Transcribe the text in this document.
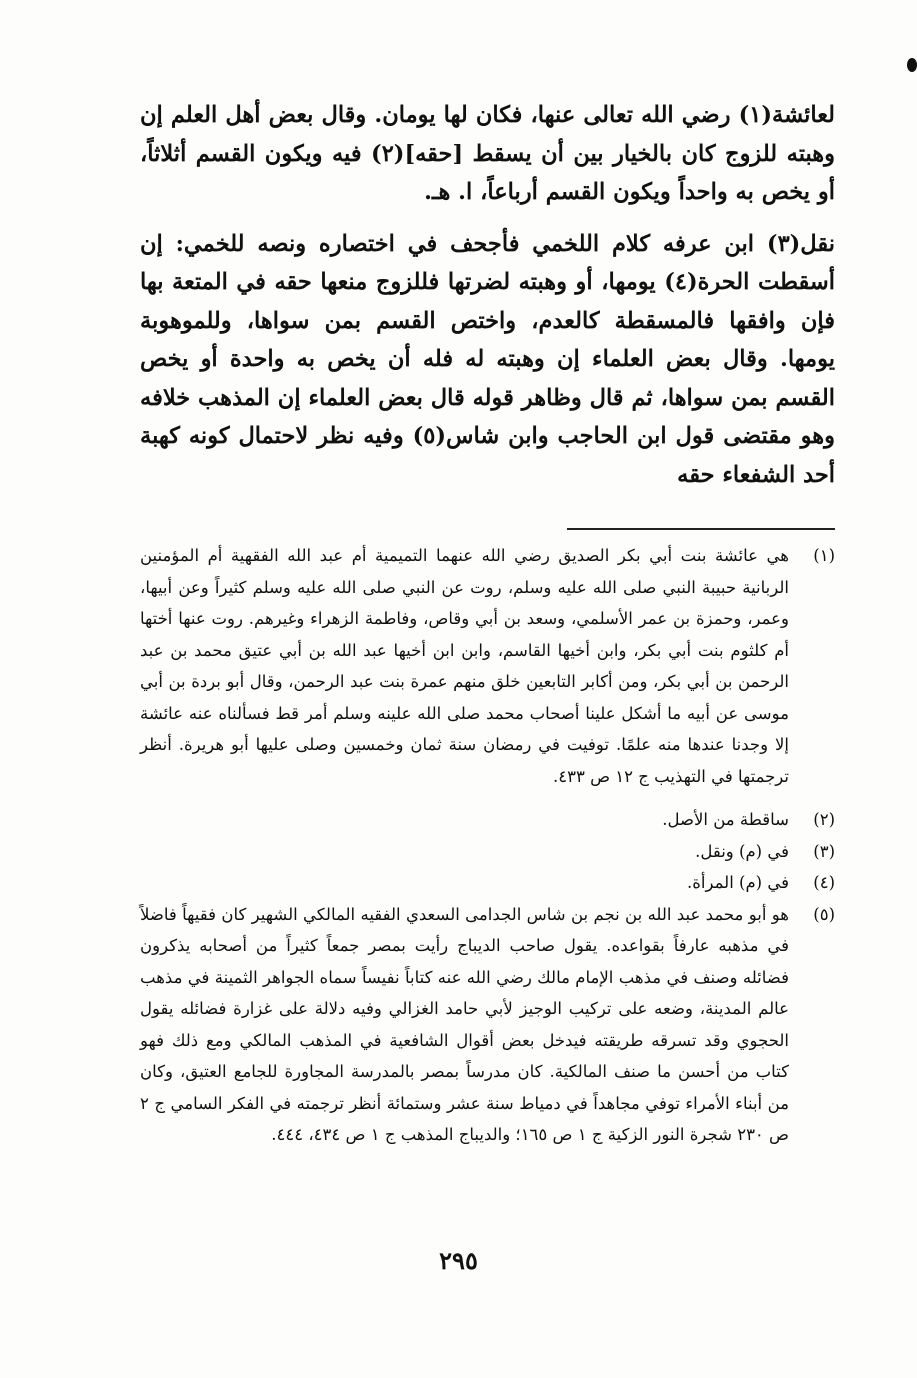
لعائشة(١) رضي الله تعالى عنها، فكان لها يومان. وقال بعض أهل العلم إن وهبته للزوج كان بالخيار بين أن يسقط [حقه](٢) فيه ويكون القسم أثلاثاً، أو يخص به واحداً ويكون القسم أرباعاً، ا. هـ.

نقل(٣) ابن عرفه كلام اللخمي فأجحف في اختصاره ونصه للخمي: إن أسقطت الحرة(٤) يومها، أو وهبته لضرتها فللزوج منعها حقه في المتعة بها فإن وافقها فالمسقطة كالعدم، واختص القسم بمن سواها، وللموهوبة يومها. وقال بعض العلماء إن وهبته له فله أن يخص به واحدة أو يخص القسم بمن سواها، ثم قال وظاهر قوله قال بعض العلماء إن المذهب خلافه وهو مقتضى قول ابن الحاجب وابن شاس(٥) وفيه نظر لاحتمال كونه كهبة أحد الشفعاء حقه

(١)
هي عائشة بنت أبي بكر الصديق رضي الله عنهما التميمية أم عبد الله الفقهية أم المؤمنين الربانية حبيبة النبي صلى الله عليه وسلم، روت عن النبي صلى الله عليه وسلم كثيراً وعن أبيها، وعمر، وحمزة بن عمر الأسلمي، وسعد بن أبي وقاص، وفاطمة الزهراء وغيرهم. روت عنها أختها أم كلثوم بنت أبي بكر، وابن أخيها القاسم، وابن ابن أخيها عبد الله بن أبي عتيق محمد بن عبد الرحمن بن أبي بكر، ومن أكابر التابعين خلق منهم عمرة بنت عبد الرحمن، وقال أبو بردة بن أبي موسى عن أبيه ما أشكل علينا أصحاب محمد صلى الله علينه وسلم أمر قط فسألناه عنه عائشة إلا وجدنا عندها منه علمًا. توفيت في رمضان سنة ثمان وخمسين وصلى عليها أبو هريرة. أنظر ترجمتها في التهذيب ج ١٢ ص ٤٣٣.
(٢)
ساقطة من الأصل.
(٣)
في (م) ونقل.
(٤)
في (م) المرأة.
(٥)
هو أبو محمد عبد الله بن نجم بن شاس الجدامى السعدي الفقيه المالكي الشهير كان فقيهاً فاضلاً في مذهبه عارفاً بقواعده. يقول صاحب الديباج رأيت بمصر جمعاً كثيراً من أصحابه يذكرون فضائله وصنف في مذهب الإمام مالك رضي الله عنه كتاباً نفيساً سماه الجواهر الثمينة في مذهب عالم المدينة، وضعه على تركيب الوجيز لأبي حامد الغزالي وفيه دلالة على غزارة فضائله يقول الحجوي وقد تسرقه طريقته فيدخل بعض أقوال الشافعية في المذهب المالكي ومع ذلك فهو كتاب من أحسن ما صنف المالكية. كان مدرساً بمصر بالمدرسة المجاورة للجامع العتيق، وكان من أبناء الأمراء توفي مجاهداً في دمياط سنة عشر وستمائة أنظر ترجمته في الفكر السامي ج ٢ ص ٢٣٠ شجرة النور الزكية ج ١ ص ١٦٥؛ والديباج المذهب ج ١ ص ٤٣٤، ٤٤٤.
٢٩٥
